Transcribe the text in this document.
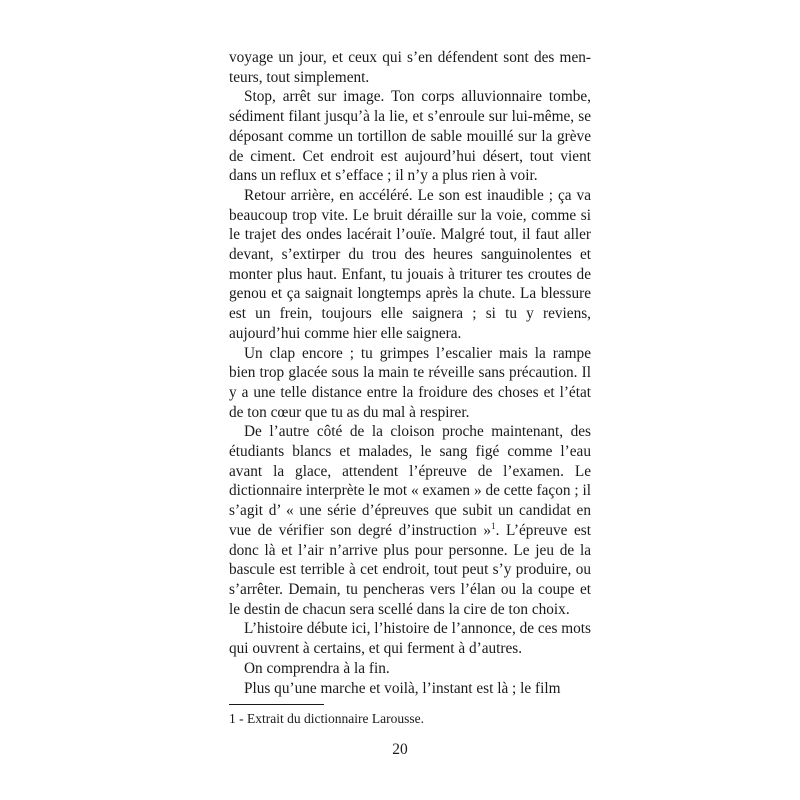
voyage un jour, et ceux qui s’en défendent sont des menteurs, tout simplement.

Stop, arrêt sur image. Ton corps alluvionnaire tombe, sédiment filant jusqu’à la lie, et s’enroule sur lui-même, se déposant comme un tortillon de sable mouillé sur la grève de ciment. Cet endroit est aujourd’hui désert, tout vient dans un reflux et s’efface ; il n’y a plus rien à voir.

Retour arrière, en accéléré. Le son est inaudible ; ça va beaucoup trop vite. Le bruit déraille sur la voie, comme si le trajet des ondes lacérait l’ouïe. Malgré tout, il faut aller devant, s’extirper du trou des heures sanguinolentes et monter plus haut. Enfant, tu jouais à triturer tes croutes de genou et ça saignait longtemps après la chute. La blessure est un frein, toujours elle saignera ; si tu y reviens, aujourd’hui comme hier elle saignera.

Un clap encore ; tu grimpes l’escalier mais la rampe bien trop glacée sous la main te réveille sans précaution. Il y a une telle distance entre la froidure des choses et l’état de ton cœur que tu as du mal à respirer.

De l’autre côté de la cloison proche maintenant, des étudiants blancs et malades, le sang figé comme l’eau avant la glace, attendent l’épreuve de l’examen. Le dictionnaire interprète le mot « examen » de cette façon ; il s’agit d’ « une série d’épreuves que subit un candidat en vue de vérifier son degré d’instruction »$^1$. L’épreuve est donc là et l’air n’arrive plus pour personne. Le jeu de la bascule est terrible à cet endroit, tout peut s’y produire, ou s’arrêter. Demain, tu pencheras vers l’élan ou la coupe et le destin de chacun sera scellé dans la cire de ton choix.

L’histoire débute ici, l’histoire de l’annonce, de ces mots qui ouvrent à certains, et qui ferment à d’autres.

On comprendra à la fin.

Plus qu’une marche et voilà, l’instant est là ; le film

1 - Extrait du dictionnaire Larousse.
20
